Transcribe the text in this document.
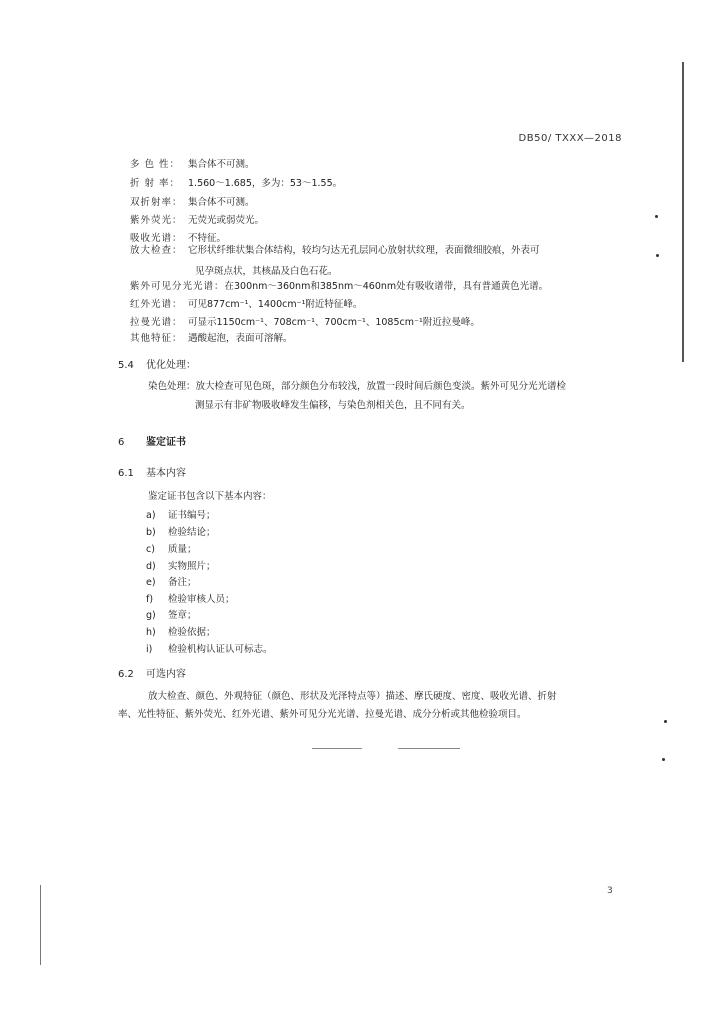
DB50/ TXXX—2018
多 色 性： 集合体不可测。
折 射 率： 1.560～1.685，多为：53～1.55。
双折射率： 集合体不可测。
紫外荧光： 无荧光或弱荧光。
吸收光谱： 不特征。
放大检查： 它形状纤维状集合体结构，较均匀达无孔层同心放射状纹理，表面微细胶痕，外表可
见孕斑点状，其核晶及白色石花。
紫外可见分光光谱：在300nm～360nm和385nm～460nm处有吸收谱带，具有普通黄色光谱。
红外光谱： 可见877cm⁻¹、1400cm⁻¹附近特征峰。
拉曼光谱： 可显示1150cm⁻¹、708cm⁻¹、700cm⁻¹、1085cm⁻¹附近拉曼峰。
其他特征： 遇酸起泡，表面可溶解。
5.4 优化处理：
染色处理：放大检查可见色斑，部分颜色分布较浅，放置一段时间后颜色变淡。紫外可见分光光谱检
测显示有非矿物吸收峰发生偏移，与染色剂相关色，且不同有关。
6 鉴定证书
6.1 基本内容
鉴定证书包含以下基本内容：
a) 证书编号；
b) 检验结论；
c) 质量；
d) 实物照片；
e) 备注；
f) 检验审核人员；
g) 签章；
h) 检验依据；
i) 检验机构认证认可标志。
6.2 可选内容
放大检查、颜色、外观特征（颜色、形状及光泽特点等）描述、摩氏硬度、密度、吸收光谱、折射
率、光性特征、紫外荧光、红外光谱、紫外可见分光光谱、拉曼光谱、成分分析或其他检验项目。
3
